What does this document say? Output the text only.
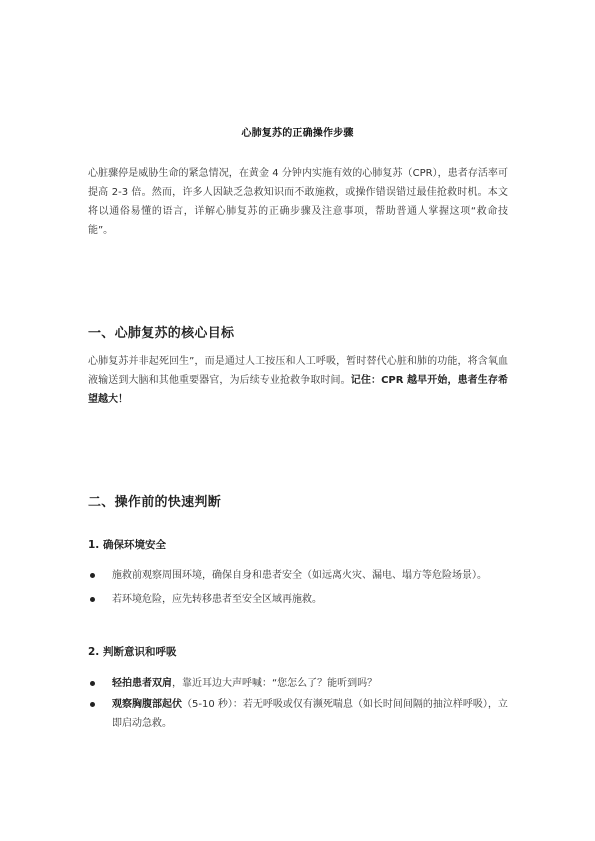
心肺复苏的正确操作步骤
心脏骤停是威胁生命的紧急情况，在黄金 4 分钟内实施有效的心肺复苏（CPR），患者存活率可提高 2-3 倍。然而，许多人因缺乏急救知识而不敢施救，或操作错误错过最佳抢救时机。本文将以通俗易懂的语言，详解心肺复苏的正确步骤及注意事项，帮助普通人掌握这项“救命技能”。
一、心肺复苏的核心目标
心肺复苏并非起死回生”，而是通过人工按压和人工呼吸，暂时替代心脏和肺的功能，将含氧血液输送到大脑和其他重要器官，为后续专业抢救争取时间。记住：CPR 越早开始，患者生存希望越大！
二、操作前的快速判断
1. 确保环境安全
施救前观察周围环境，确保自身和患者安全（如远离火灾、漏电、塌方等危险场景）。
若环境危险，应先转移患者至安全区域再施救。
2. 判断意识和呼吸
轻拍患者双肩，靠近耳边大声呼喊：“您怎么了？能听到吗？
观察胸腹部起伏（5-10 秒）：若无呼吸或仅有濒死喘息（如长时间间隔的抽泣样呼吸），立即启动急救。
